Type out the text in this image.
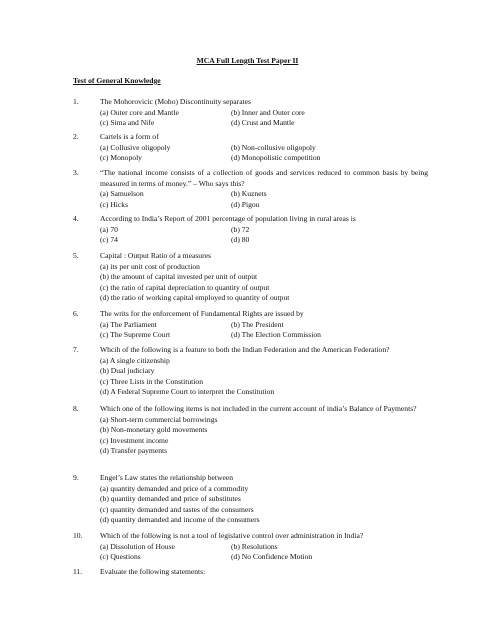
MCA Full Length Test Paper II
Test of General Knowledge
1.	The Mohorovicic (Moho) Discontinuity separates
(a) Outer core and Mantle	(b) Inner and Outer core
(c) Sima and Nife	(d) Crust and Mantle
2.	Cartels is a form of
(a) Collusive oligopoly	(b) Non-collusive oligopoly
(c) Monopoly	(d) Monopolistic competition
3.	“The national income consists of a collection of goods and services reduced to common basis by being measured in terms of money.” – Who says this?
(a) Samuelson	(b) Kuznets
(c) Hicks	(d) Pigou
4.	According to India’s Report of 2001 percentage of population living in rural areas is
(a) 70	(b) 72
(c) 74	(d) 80
5.	Capital : Output Ratio of a measures
(a) its per unit cost of production
(b) the amount of capital invested per unit of output
(c) the ratio of capital depreciation to quantity of output
(d) the ratio of working capital employed to quantity of output
6.	The writs for the enforcement of Fundamental Rights are issued by
(a) The Parliament	(b) The President
(c) The Supreme Court	(d) The Election Commission
7.	Whcih of the following is a feature to both the Indian Federation and the American Federation?
(a) A single citizenship
(b) Dual judiciary
(c) Three Lists in the Constitution
(d) A Federal Supreme Court to interpret the Constitution
8.	Which one of the following items is not included in the current account of india’s Balance of Payments?
(a) Short-term commercial borrowings
(b) Non-monetary gold movements
(c) Investment income
(d) Transfer payments
9.	Engel’s Law states the relationship between
(a) quantity demanded and price of a commodity
(b) quantity demanded and price of substitutes
(c) quantity demanded and tastes of the consumers
(d) quantity demanded and income of the consumers
10. Which of the following is not a tool of legislative control over administration in India?
(a) Dissolution of House	(b) Resolutions
(c) Questions	(d) No Confidence Motion
11. Evaluate the following statements:
